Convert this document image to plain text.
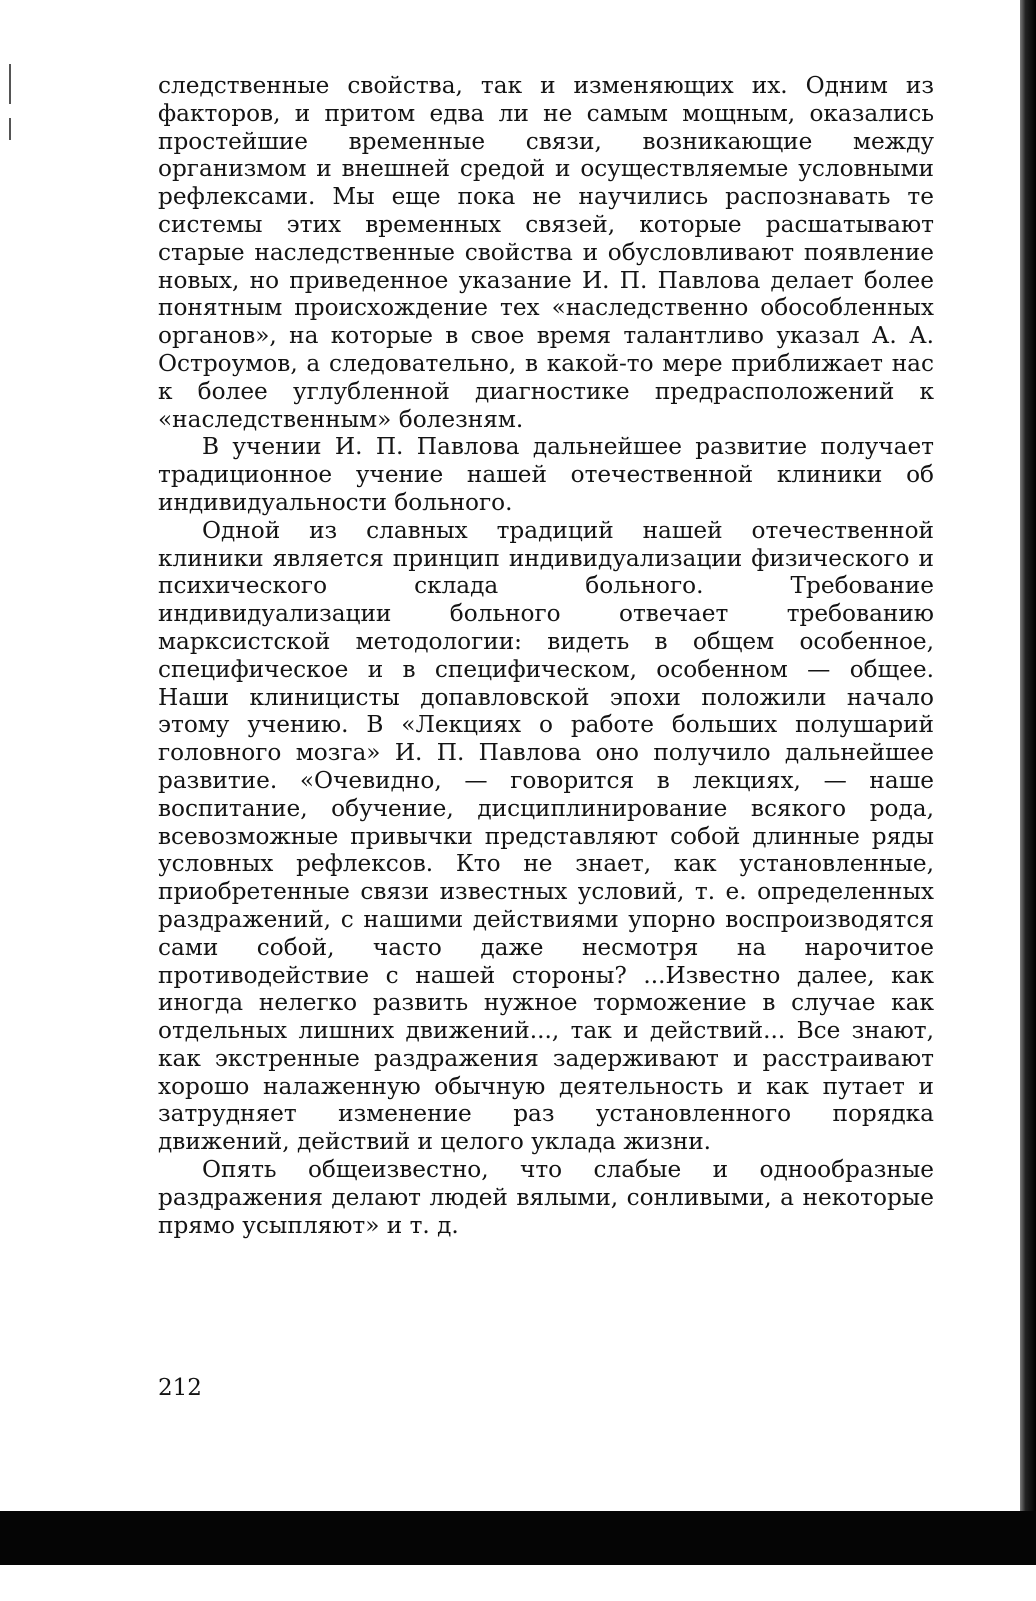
следственные свойства, так и изменяющих их. Одним из факторов, и притом едва ли не самым мощным, оказались простейшие временные связи, возникающие между организмом и внешней средой и осуществляемые условными рефлексами. Мы еще пока не научились распознавать те системы этих временных связей, которые расшатывают старые наследственные свойства и обусловливают появление новых, но приведенное указание И. П. Павлова делает более понятным происхождение тех «наследственно обособленных органов», на которые в свое время талантливо указал А. А. Остроумов, а следовательно, в какой-то мере приближает нас к более углубленной диагностике предрасположений к «наследственным» болезням.

В учении И. П. Павлова дальнейшее развитие получает традиционное учение нашей отечественной клиники об индивидуальности больного.

Одной из славных традиций нашей отечественной клиники является принцип индивидуализации физического и психического склада больного. Требование индивидуализации больного отвечает требованию марксистской методологии: видеть в общем особенное, специфическое и в специфическом, особенном — общее. Наши клиницисты допавловской эпохи положили начало этому учению. В «Лекциях о работе больших полушарий головного мозга» И. П. Павлова оно получило дальнейшее развитие. «Очевидно, — говорится в лекциях, — наше воспитание, обучение, дисциплинирование всякого рода, всевозможные привычки представляют собой длинные ряды условных рефлексов. Кто не знает, как установленные, приобретенные связи известных условий, т. е. определенных раздражений, с нашими действиями упорно воспроизводятся сами собой, часто даже несмотря на нарочитое противодействие с нашей стороны? ...Известно далее, как иногда нелегко развить нужное торможение в случае как отдельных лишних движений..., так и действий... Все знают, как экстренные раздражения задерживают и расстраивают хорошо налаженную обычную деятельность и как путает и затрудняет изменение раз установленного порядка движений, действий и целого уклада жизни.

Опять общеизвестно, что слабые и однообразные раздражения делают людей вялыми, сонливыми, а некоторые прямо усыпляют» и т. д.

212
